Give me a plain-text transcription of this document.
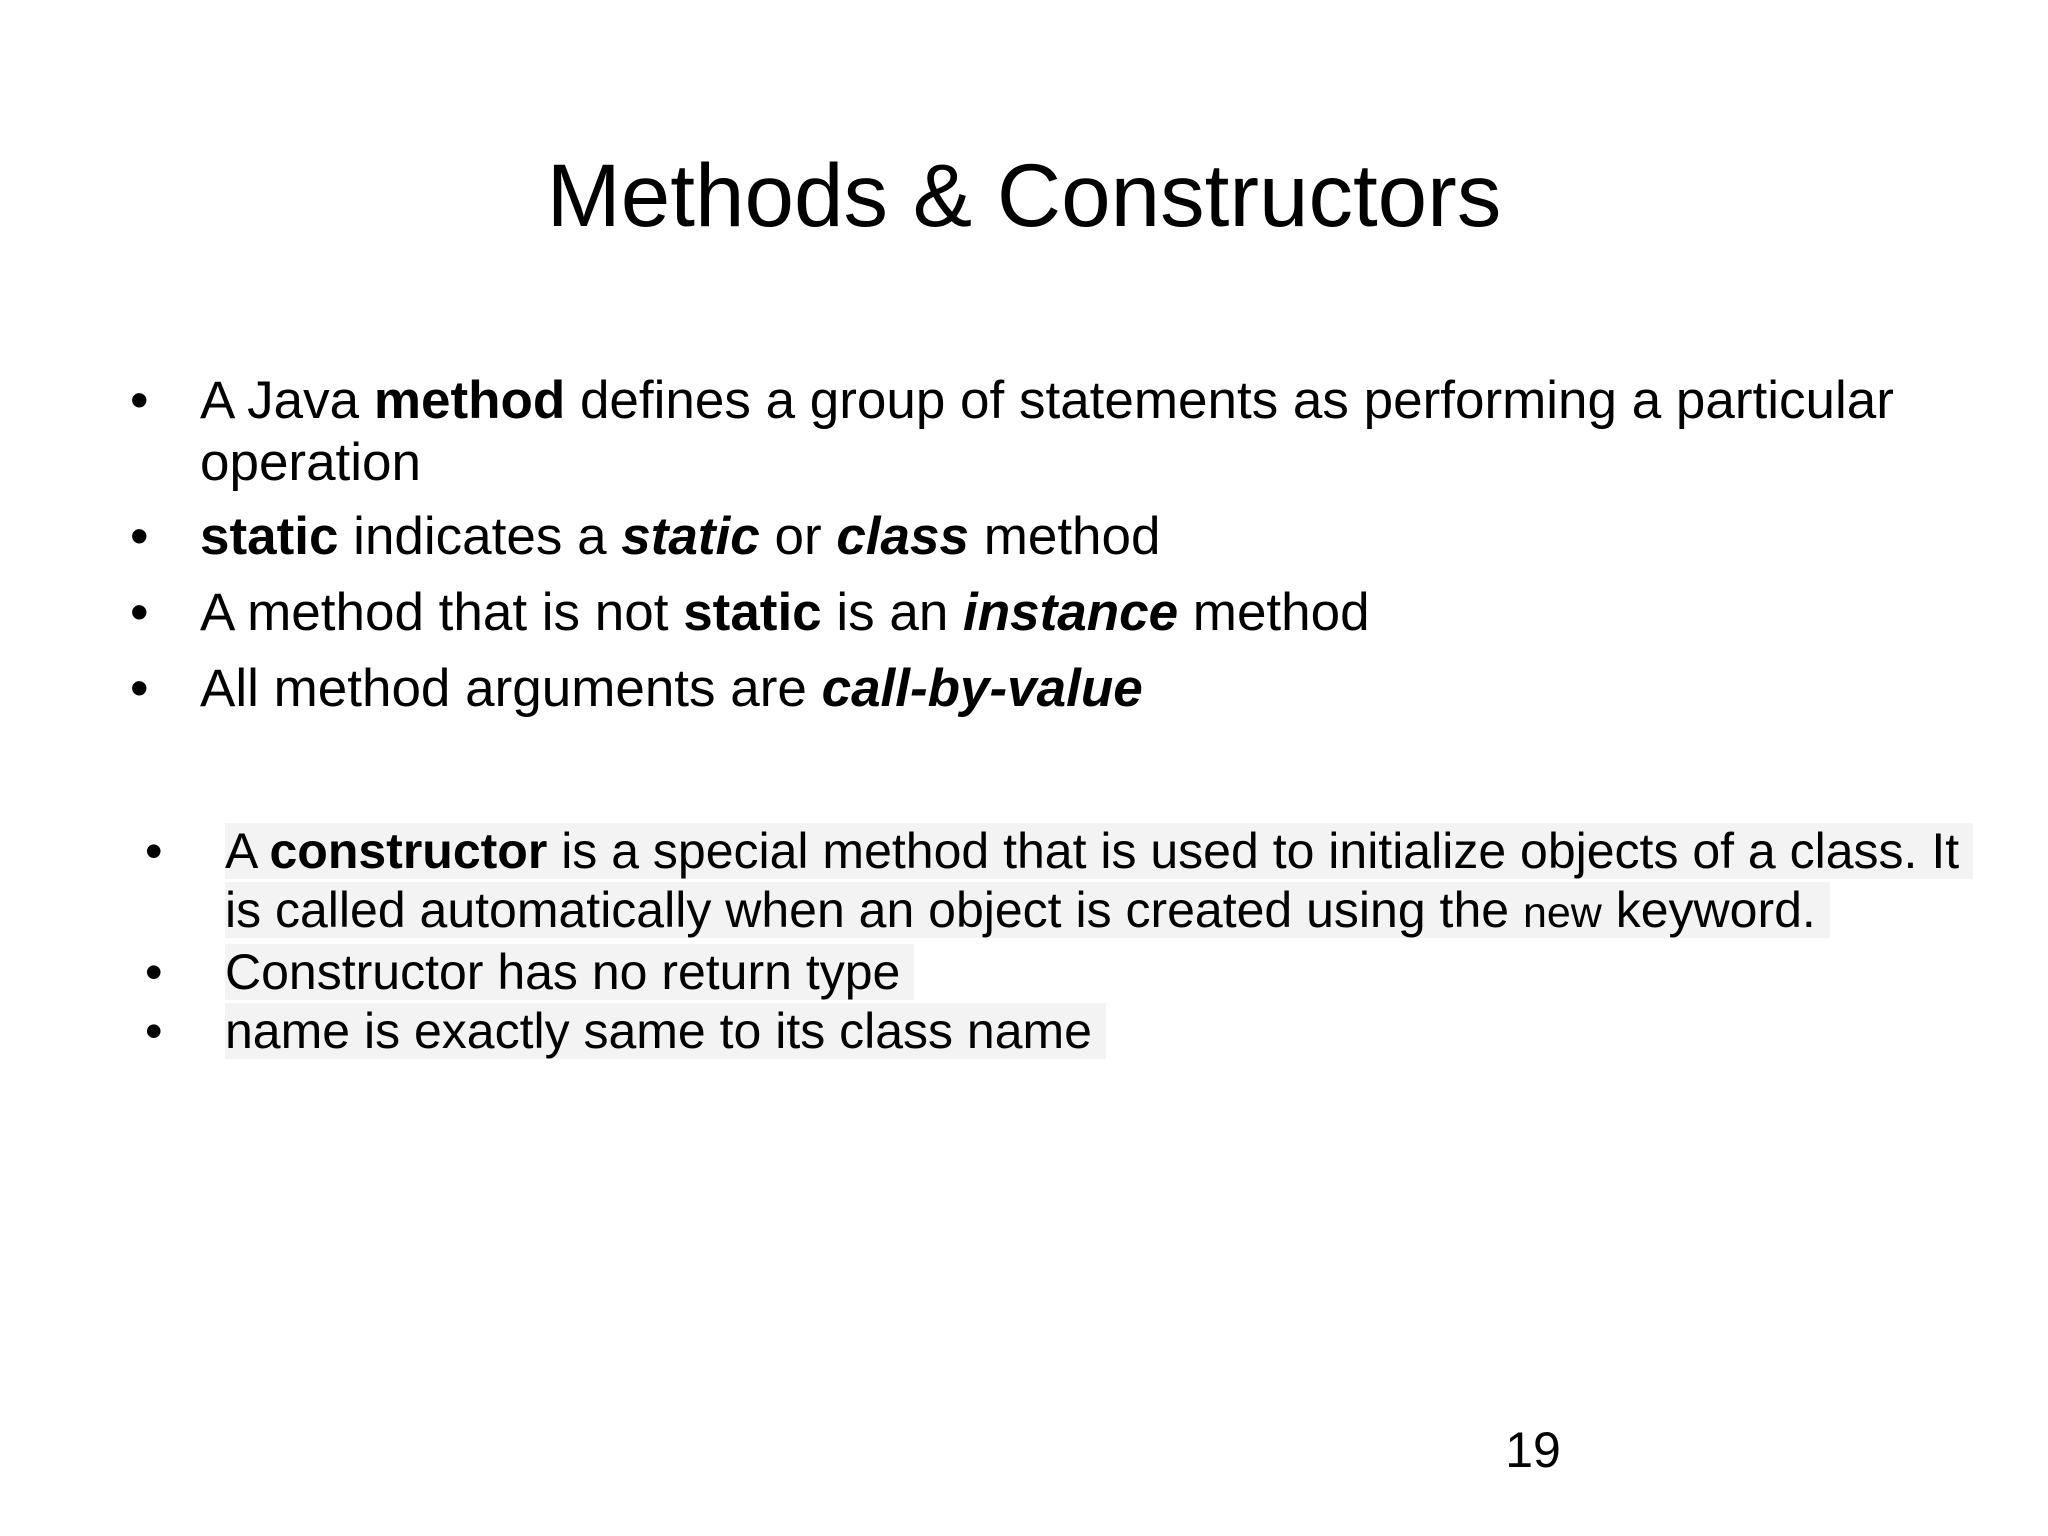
Methods & Constructors
• A Java method defines a group of statements as performing a particular operation
• static indicates a static or class method
• A method that is not static is an instance method
• All method arguments are call-by-value
•	A constructor is a special method that is used to initialize objects of a class. It is called automatically when an object is created using the new keyword.
•	Constructor has no return type
•	name is exactly same to its class name
19
